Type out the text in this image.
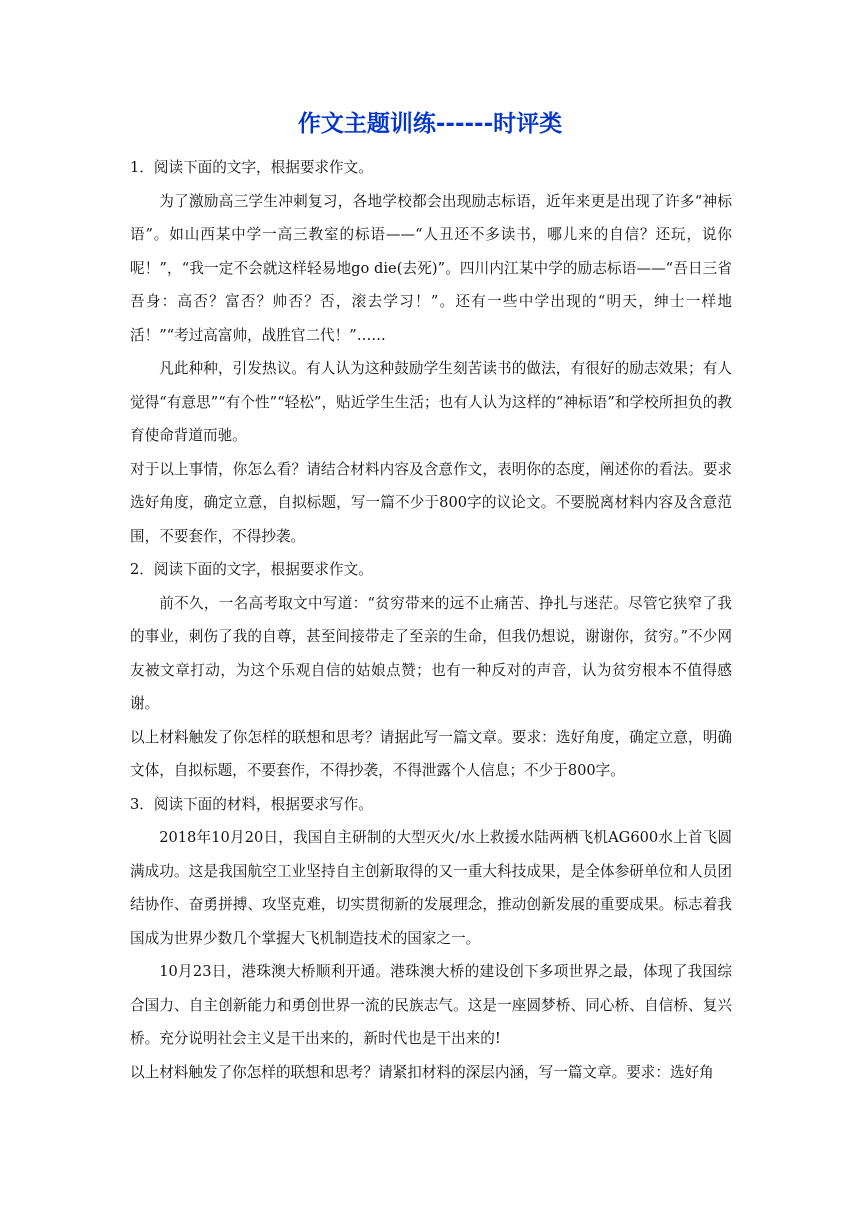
作文主题训练------时评类

1．阅读下面的文字，根据要求作文。

为了激励高三学生冲刺复习，各地学校都会出现励志标语，近年来更是出现了许多“神标语”。如山西某中学一高三教室的标语——“人丑还不多读书，哪儿来的自信？还玩，说你呢！”，“我一定不会就这样轻易地go die(去死)”。四川内江某中学的励志标语——“吾日三省吾身：高否？富否？帅否？否，滚去学习！”。还有一些中学出现的“明天，绅士一样地活！”“考过高富帅，战胜官二代！”……

凡此种种，引发热议。有人认为这种鼓励学生刻苦读书的做法，有很好的励志效果；有人觉得“有意思”“有个性”“轻松”，贴近学生生活；也有人认为这样的“神标语”和学校所担负的教育使命背道而驰。

对于以上事情，你怎么看？请结合材料内容及含意作文，表明你的态度，阐述你的看法。要求选好角度，确定立意，自拟标题，写一篇不少于800字的议论文。不要脱离材料内容及含意范围，不要套作，不得抄袭。

2．阅读下面的文字，根据要求作文。

前不久，一名高考取文中写道：“贫穷带来的远不止痛苦、挣扎与迷茫。尽管它狭窄了我的事业，刺伤了我的自尊，甚至间接带走了至亲的生命，但我仍想说，谢谢你，贫穷。”不少网友被文章打动，为这个乐观自信的姑娘点赞；也有一种反对的声音，认为贫穷根本不值得感谢。

以上材料触发了你怎样的联想和思考？请据此写一篇文章。要求：选好角度，确定立意，明确文体，自拟标题，不要套作，不得抄袭，不得泄露个人信息；不少于800字。

3．阅读下面的材料，根据要求写作。

2018年10月20日，我国自主研制的大型灭火/水上救援水陆两栖飞机AG600水上首飞圆满成功。这是我国航空工业坚持自主创新取得的又一重大科技成果，是全体参研单位和人员团结协作、奋勇拼搏、攻坚克难，切实贯彻新的发展理念，推动创新发展的重要成果。标志着我国成为世界少数几个掌握大飞机制造技术的国家之一。

10月23日，港珠澳大桥顺利开通。港珠澳大桥的建设创下多项世界之最，体现了我国综合国力、自主创新能力和勇创世界一流的民族志气。这是一座圆梦桥、同心桥、自信桥、复兴桥。充分说明社会主义是干出来的，新时代也是干出来的!

以上材料触发了你怎样的联想和思考？请紧扣材料的深层内涵，写一篇文章。要求：选好角
